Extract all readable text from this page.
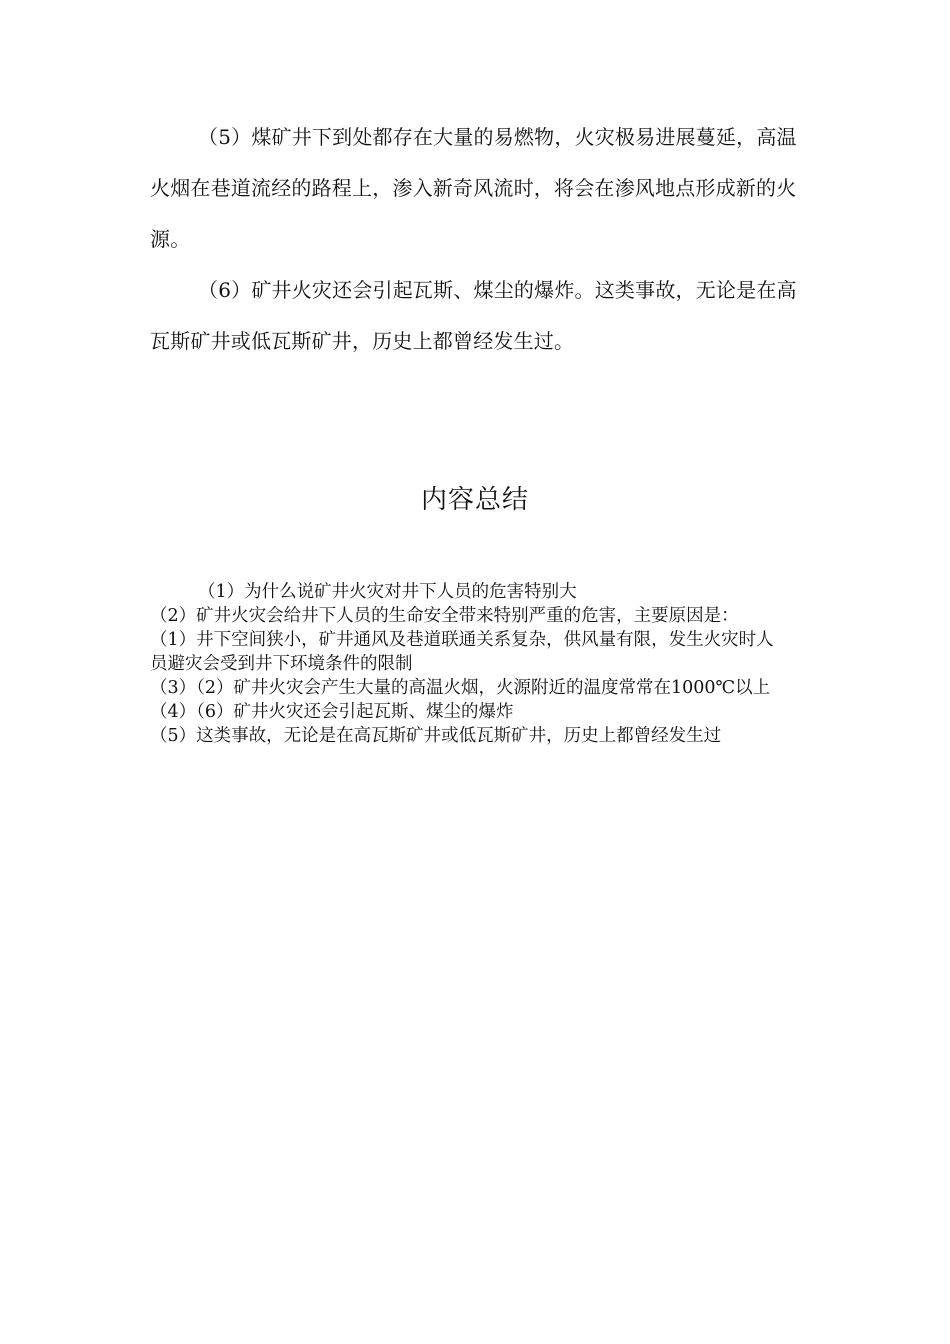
（5）煤矿井下到处都存在大量的易燃物，火灾极易进展蔓延，高温火烟在巷道流经的路程上，渗入新奇风流时，将会在渗风地点形成新的火源。

（6）矿井火灾还会引起瓦斯、煤尘的爆炸。这类事故，无论是在高瓦斯矿井或低瓦斯矿井，历史上都曾经发生过。

内容总结

（1）为什么说矿井火灾对井下人员的危害特别大

（2）矿井火灾会给井下人员的生命安全带来特别严重的危害，主要原因是：

（1）井下空间狭小，矿井通风及巷道联通关系复杂，供风量有限，发生火灾时人员避灾会受到井下环境条件的限制

（3）（2）矿井火灾会产生大量的高温火烟，火源附近的温度常常在1000℃以上

（4）（6）矿井火灾还会引起瓦斯、煤尘的爆炸

（5）这类事故，无论是在高瓦斯矿井或低瓦斯矿井，历史上都曾经发生过
